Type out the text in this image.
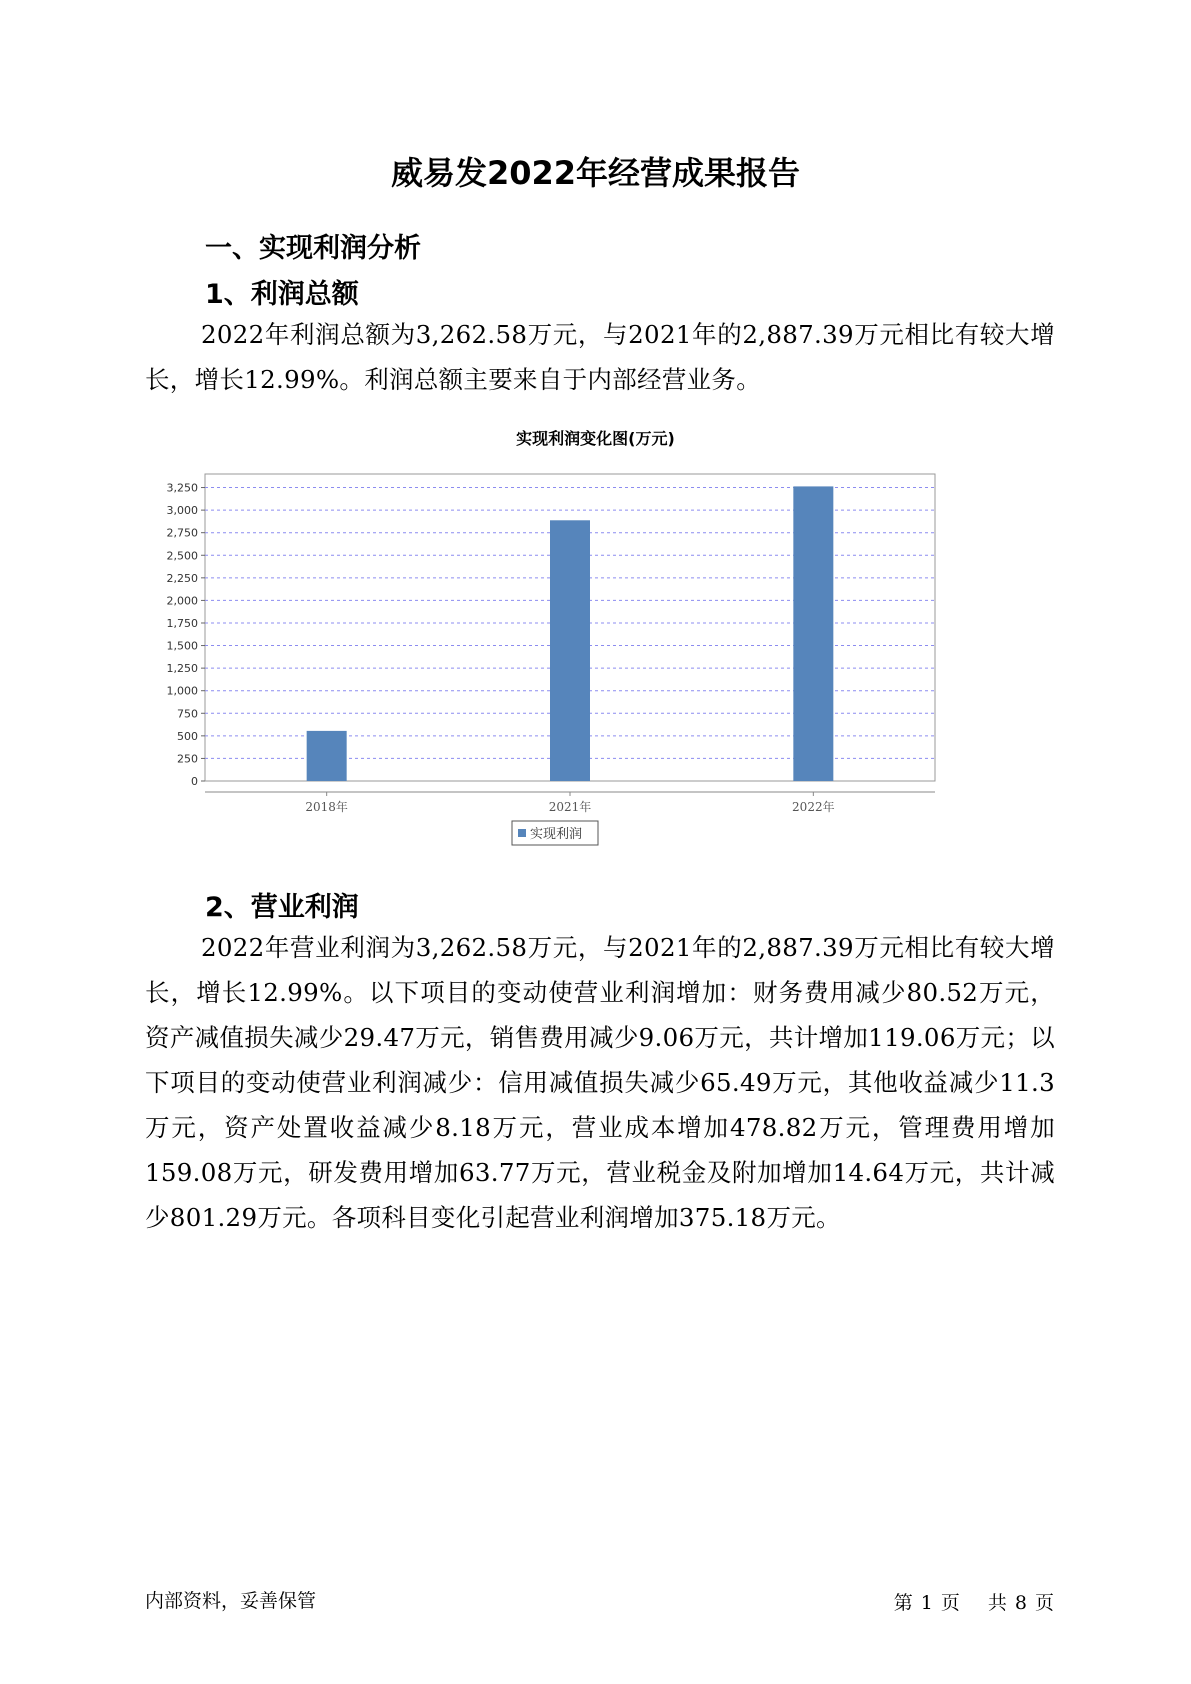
威易发2022年经营成果报告
一、实现利润分析
1、利润总额

2022年利润总额为3,262.58万元，与2021年的2,887.39万元相比有较大增长，增长12.99%。利润总额主要来自于内部经营业务。

0
250
500
750
1,000
1,250
1,500
1,750
2,000
2,250
2,500
2,750
3,000
3,250
2018年	2021年	2022年
实现利润
2、营业利润

2022年营业利润为3,262.58万元，与2021年的2,887.39万元相比有较大增长，增长12.99%。以下项目的变动使营业利润增加：财务费用减少80.52万元，资产减值损失减少29.47万元，销售费用减少9.06万元，共计增加119.06万元；以下项目的变动使营业利润减少：信用减值损失减少65.49万元，其他收益减少11.3万元，资产处置收益减少8.18万元，营业成本增加478.82万元，管理费用增加159.08万元，研发费用增加63.77万元，营业税金及附加增加14.64万元，共计减少801.29万元。各项科目变化引起营业利润增加375.18万元。

内部资料，妥善保管	第 1 页 共 8 页

实现利润变化图(万元)
